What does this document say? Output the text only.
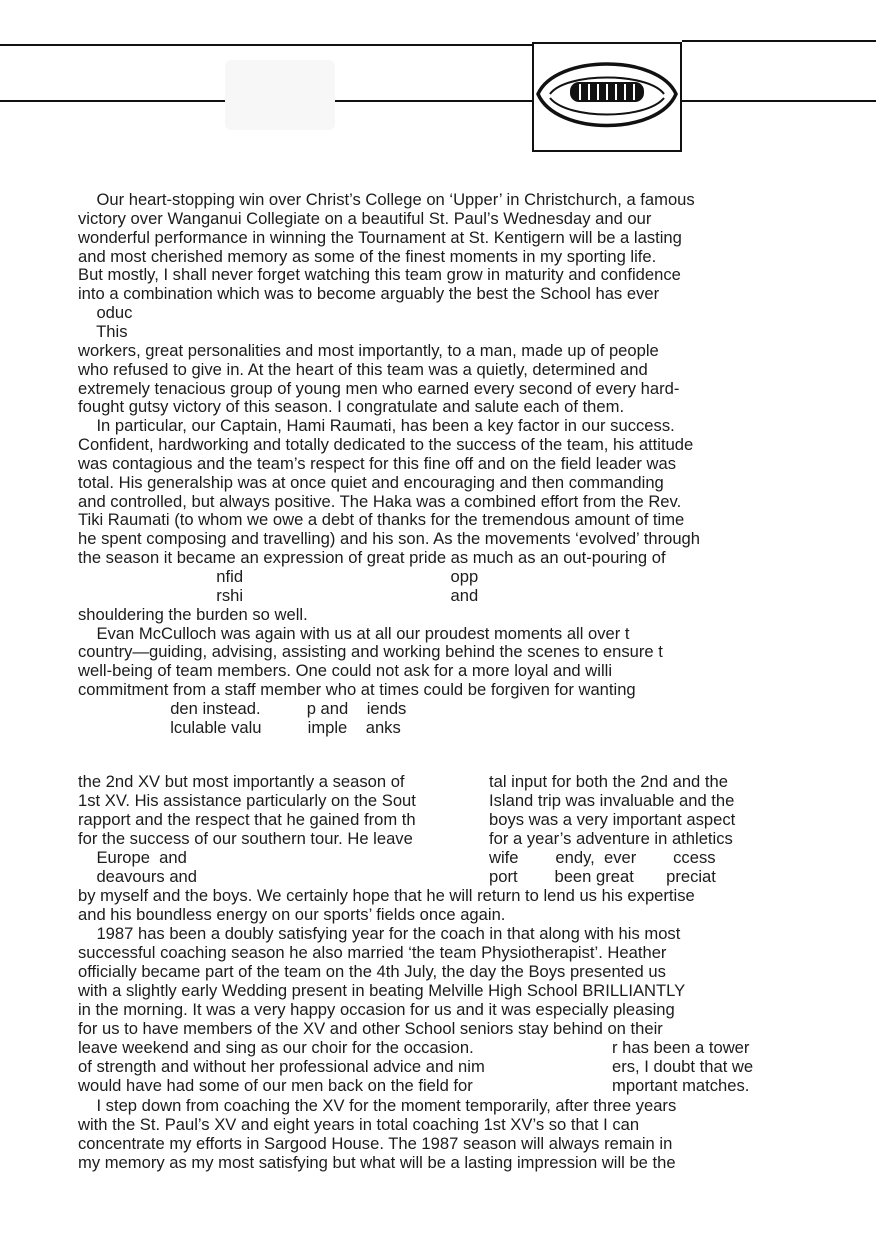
Our heart-stopping win over Christ’s College on ‘Upper’ in Christchurch, a famous
victory over Wanganui Collegiate on a beautiful St. Paul’s Wednesday and our
wonderful performance in winning the Tournament at St. Kentigern will be a lasting
and most cherished memory as some of the finest moments in my sporting life.
But mostly, I shall never forget watching this team grow in maturity and confidence
into a combination which was to become arguably the best the School has ever
oduc
This
workers, great personalities and most importantly, to a man, made up of people
who refused to give in. At the heart of this team was a quietly, determined and
extremely tenacious group of young men who earned every second of every hard-
fought gutsy victory of this season. I congratulate and salute each of them.
In particular, our Captain, Hami Raumati, has been a key factor in our success.
Confident, hardworking and totally dedicated to the success of the team, his attitude
was contagious and the team’s respect for this fine off and on the field leader was
total. His generalship was at once quiet and encouraging and then commanding
and controlled, but always positive. The Haka was a combined effort from the Rev.
Tiki Raumati (to whom we owe a debt of thanks for the tremendous amount of time
he spent composing and travelling) and his son. As the movements ‘evolved’ through
the season it became an expression of great pride as much as an out-pouring of
nfid                                             opp
rshi                                             and
shouldering the burden so well.
Evan McCulloch was again with us at all our proudest moments all over t
country—guiding, advising, assisting and working behind the scenes to ensure t
well-being of team members. One could not ask for a more loyal and willi
commitment from a staff member who at times could be forgiven for wanting
den instead.          p and    iends
lculable valu          imple    anks
the 2nd XV but most importantly a season of
1st XV. His assistance particularly on the Sout
rapport and the respect that he gained from th
for the success of our southern tour. He leave
Europe  and
deavours and
tal input for both the 2nd and the
Island trip was invaluable and the
boys was a very important aspect
for a year’s adventure in athletics
wife        endy,  ever        ccess
port        been great       preciat
by myself and the boys. We certainly hope that he will return to lend us his expertise
and his boundless energy on our sports’ fields once again.
1987 has been a doubly satisfying year for the coach in that along with his most
successful coaching season he also married ‘the team Physiotherapist’. Heather
officially became part of the team on the 4th July, the day the Boys presented us
with a slightly early Wedding present in beating Melville High School BRILLIANTLY
in the morning. It was a very happy occasion for us and it was especially pleasing
for us to have members of the XV and other School seniors stay behind on their
leave weekend and sing as our choir for the occasion.
of strength and without her professional advice and nim
would have had some of our men back on the field for
r has been a tower
ers, I doubt that we
mportant matches.
I step down from coaching the XV for the moment temporarily, after three years
with the St. Paul’s XV and eight years in total coaching 1st XV’s so that I can
concentrate my efforts in Sargood House. The 1987 season will always remain in
my memory as my most satisfying but what will be a lasting impression will be the
